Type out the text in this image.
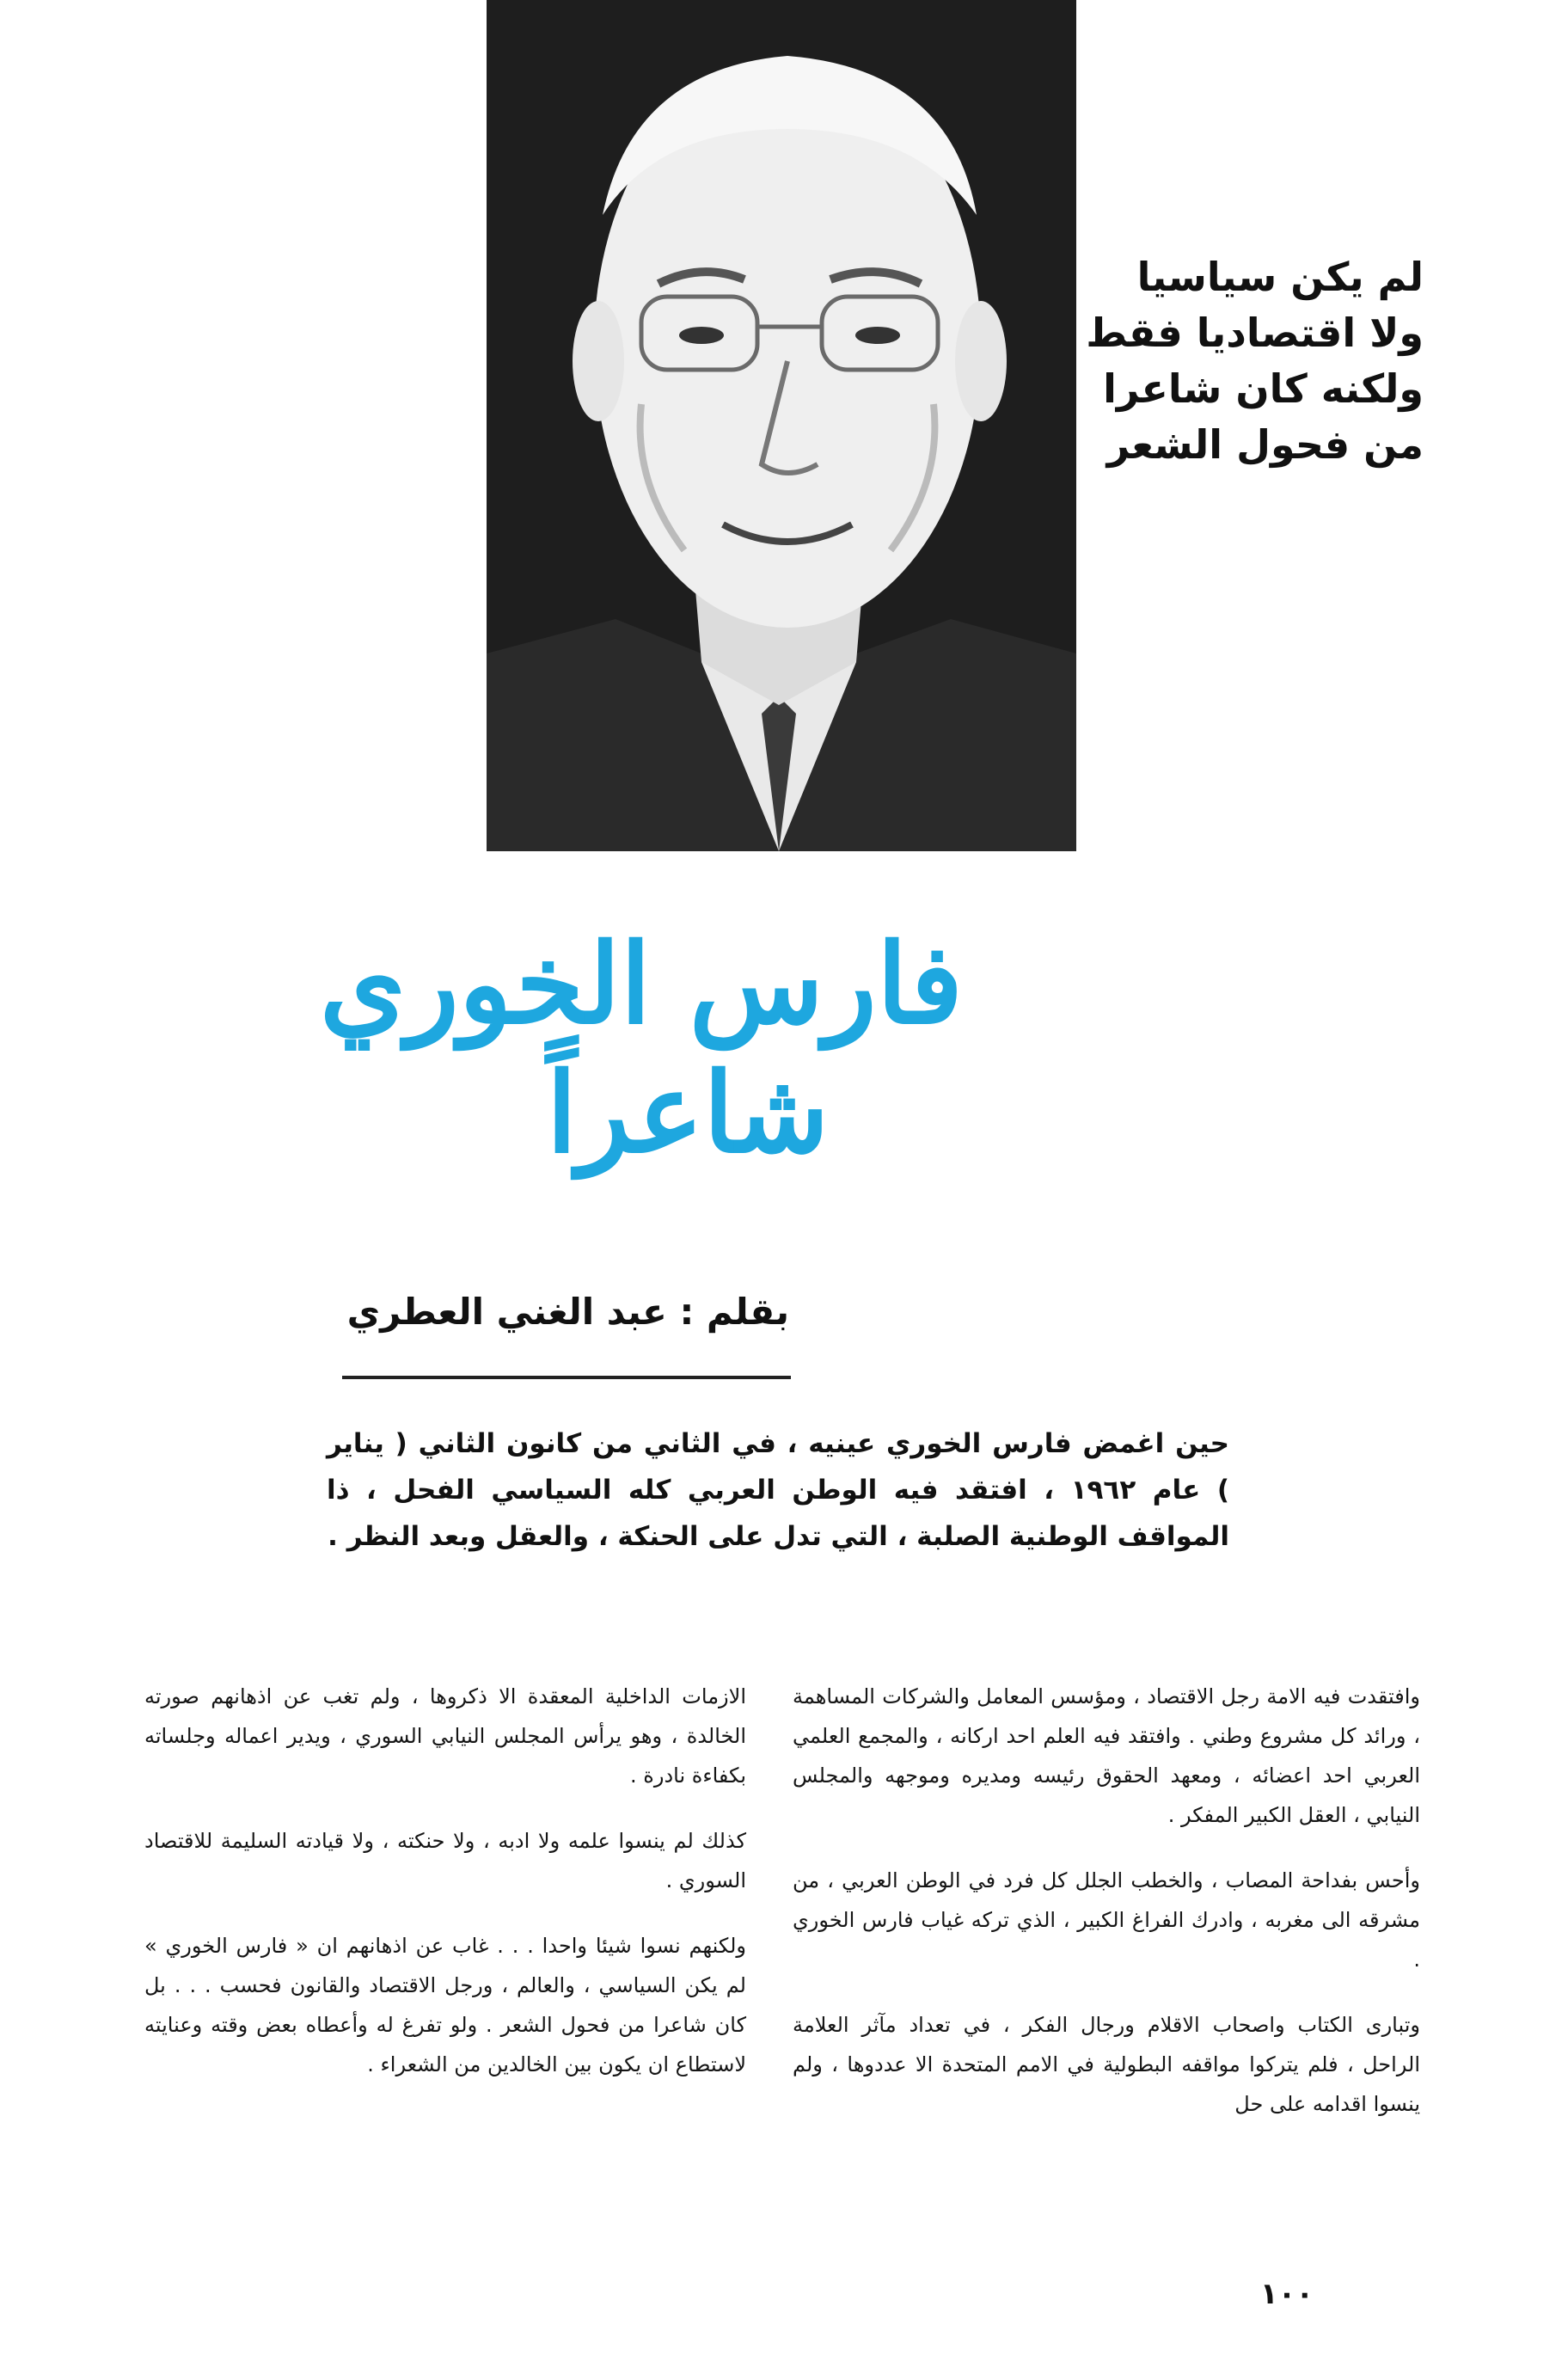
لم يكن سياسيا
ولا اقتصاديا فقط
ولكنه كان شاعرا
من فحول الشعر
فارس الخوري
شاعراً
بقلم : عبد الغني العطري
حين اغمض فارس الخوري عينيه ، في الثاني من كانون الثاني ( يناير ) عام ١٩٦٢ ، افتقد فيه الوطن العربي كله السياسي الفحل ، ذا المواقف الوطنية الصلبة ، التي تدل على الحنكة ، والعقل وبعد النظر .

وافتقدت فيه الامة رجل الاقتصاد ، ومؤسس المعامل والشركات المساهمة ، ورائد كل مشروع وطني . وافتقد فيه العلم احد اركانه ، والمجمع العلمي العربي احد اعضائه ، ومعهد الحقوق رئيسه ومديره وموجهه والمجلس النيابي ، العقل الكبير المفكر .

وأحس بفداحة المصاب ، والخطب الجلل كل فرد في الوطن العربي ، من مشرقه الى مغربه ، وادرك الفراغ الكبير ، الذي تركه غياب فارس الخوري .

وتبارى الكتاب واصحاب الاقلام ورجال الفكر ، في تعداد مآثر العلامة الراحل ، فلم يتركوا مواقفه البطولية في الامم المتحدة الا عددوها ، ولم ينسوا اقدامه على حل

الازمات الداخلية المعقدة الا ذكروها ، ولم تغب عن اذهانهم صورته الخالدة ، وهو يرأس المجلس النيابي السوري ، ويدير اعماله وجلساته بكفاءة نادرة .

كذلك لم ينسوا علمه ولا ادبه ، ولا حنكته ، ولا قيادته السليمة للاقتصاد السوري .

ولكنهم نسوا شيئا واحدا . . . غاب عن اذهانهم ان « فارس الخوري » لم يكن السياسي ، والعالم ، ورجل الاقتصاد والقانون فحسب . . . بل كان شاعرا من فحول الشعر . ولو تفرغ له وأعطاه بعض وقته وعنايته لاستطاع ان يكون بين الخالدين من الشعراء .

١٠٠
